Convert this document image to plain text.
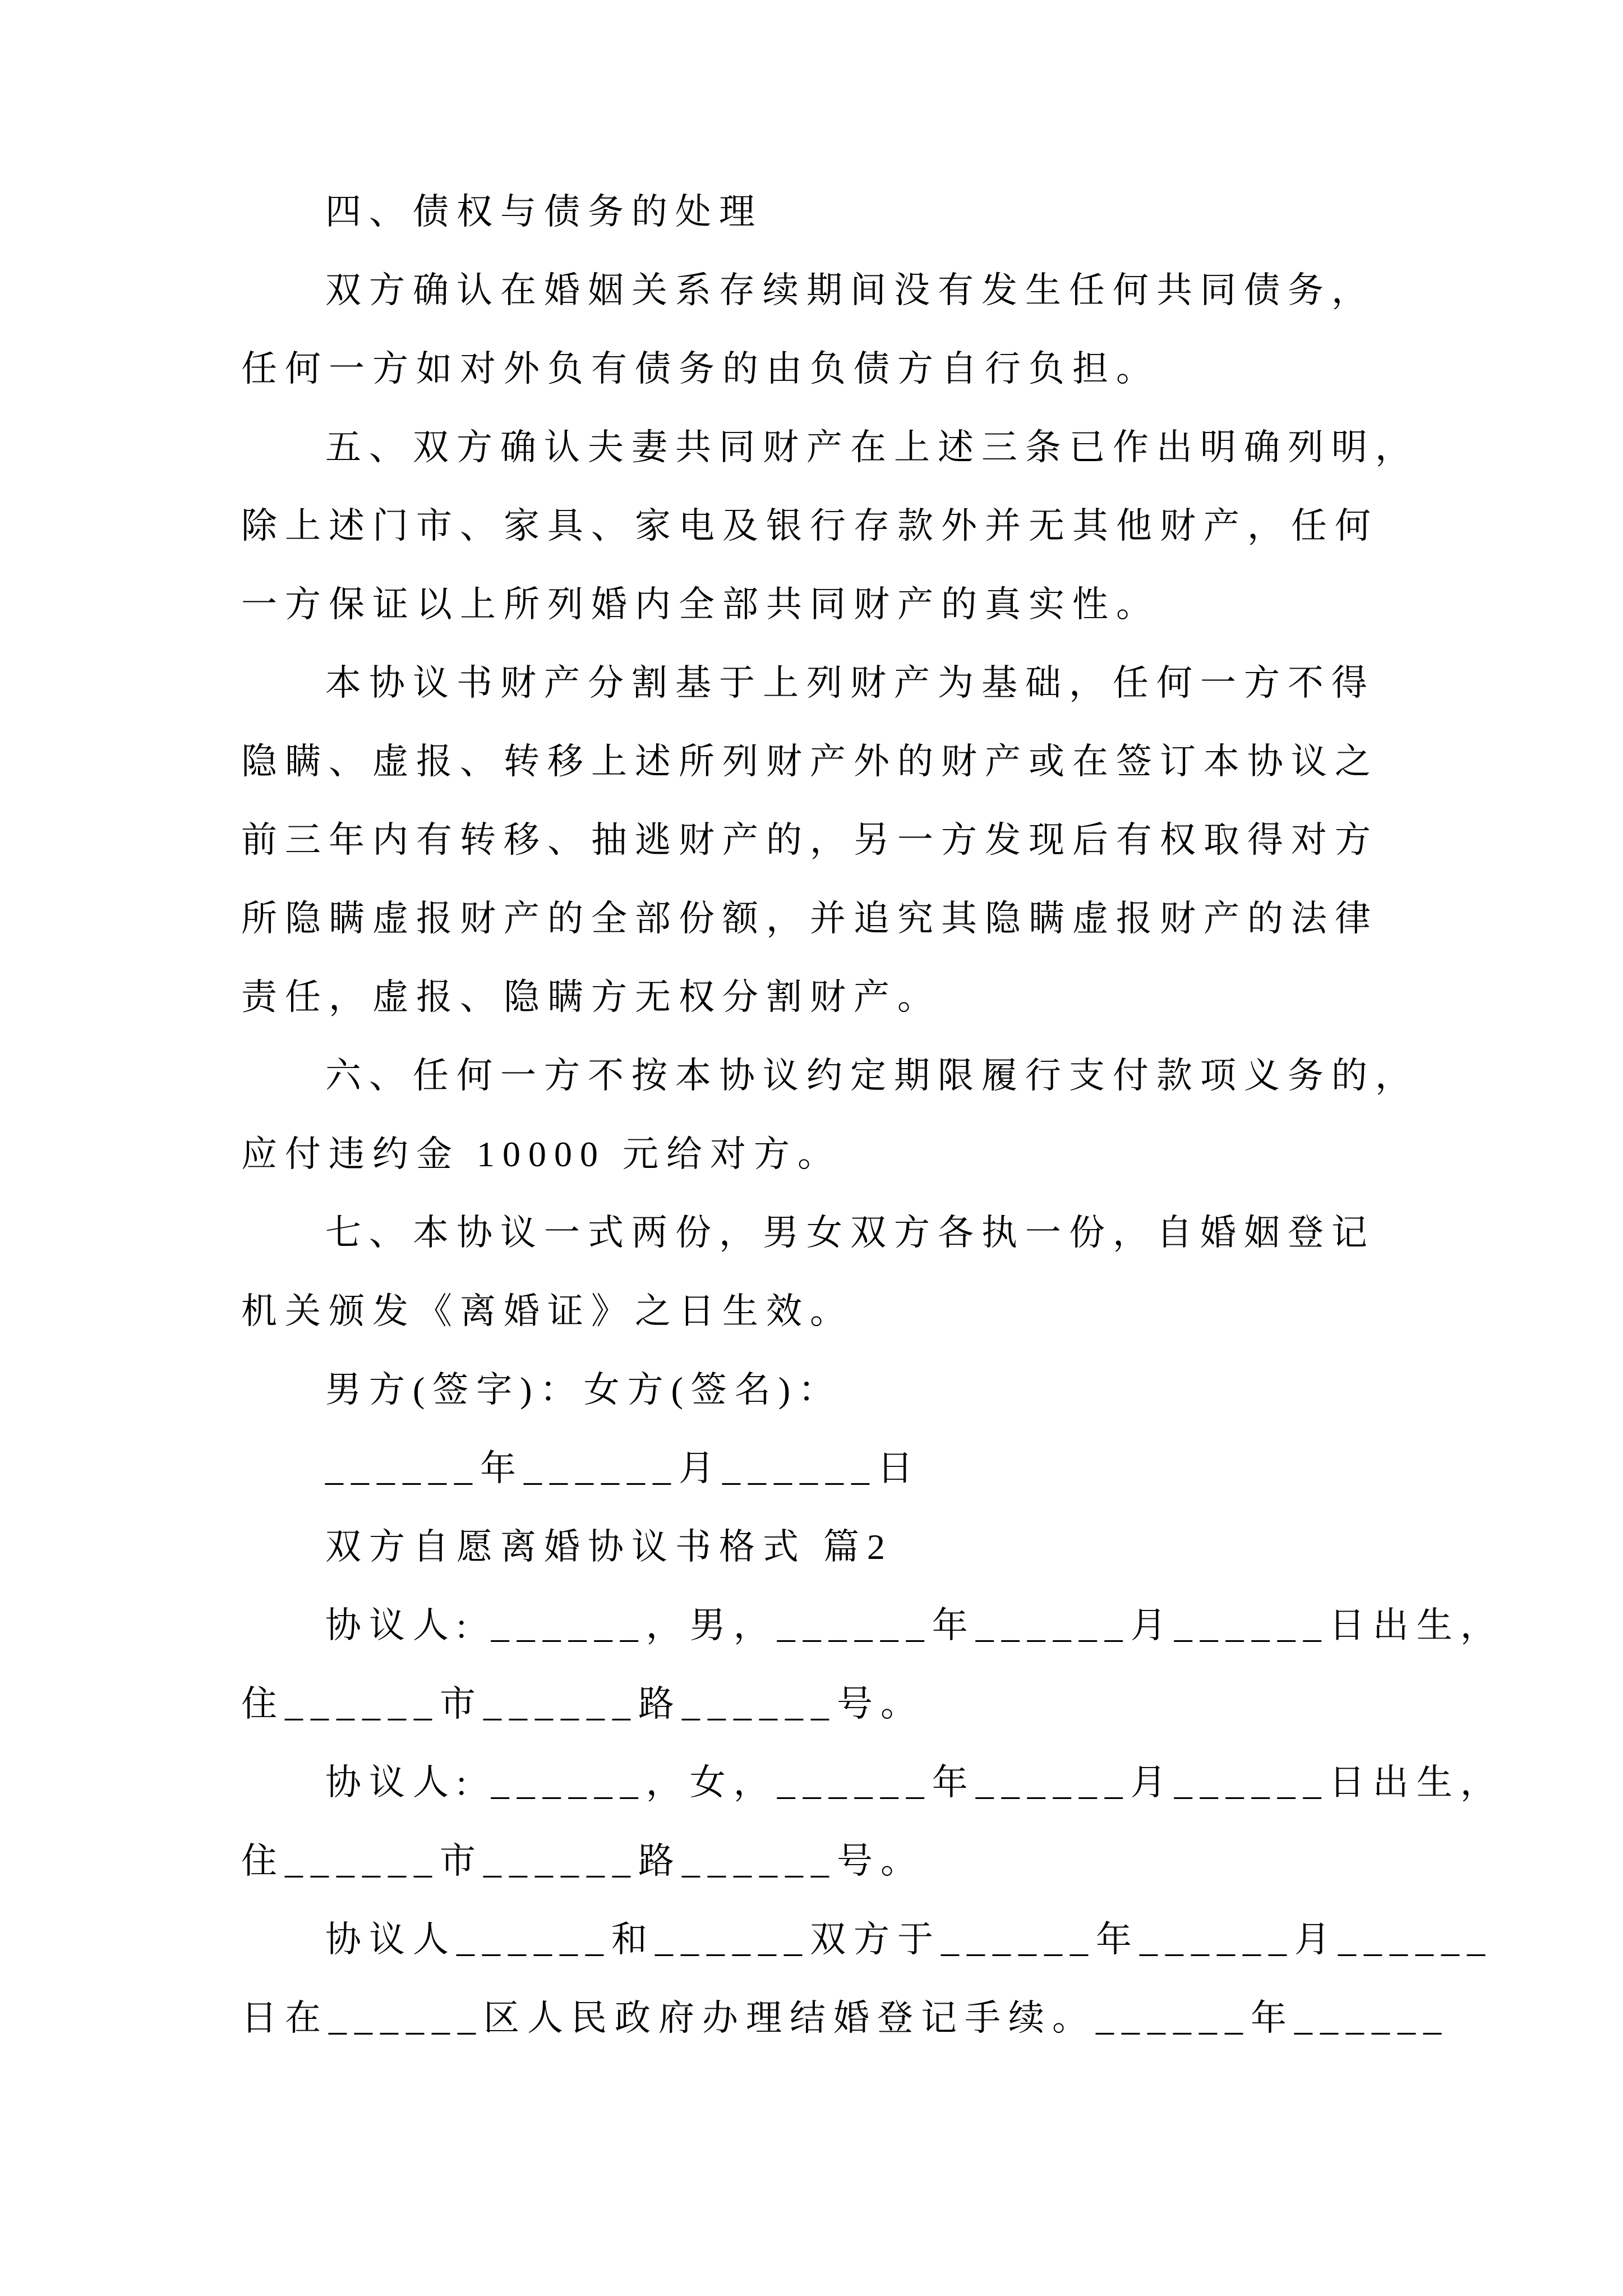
四、债权与债务的处理
双方确认在婚姻关系存续期间没有发生任何共同债务，
任何一方如对外负有债务的由负债方自行负担。
五、双方确认夫妻共同财产在上述三条已作出明确列明，
除上述门市、家具、家电及银行存款外并无其他财产，任何
一方保证以上所列婚内全部共同财产的真实性。
本协议书财产分割基于上列财产为基础，任何一方不得
隐瞒、虚报、转移上述所列财产外的财产或在签订本协议之
前三年内有转移、抽逃财产的，另一方发现后有权取得对方
所隐瞒虚报财产的全部份额，并追究其隐瞒虚报财产的法律
责任，虚报、隐瞒方无权分割财产。
六、任何一方不按本协议约定期限履行支付款项义务的，
应付违约金 10000 元给对方。
七、本协议一式两份，男女双方各执一份，自婚姻登记
机关颁发《离婚证》之日生效。
男方(签字)：女方(签名)：
______年______月______日
双方自愿离婚协议书格式 篇2
协议人: ______，男，______年______月______日出生，
住______市______路______号。
协议人: ______，女，______年______月______日出生，
住______市______路______号。
协议人______和______双方于______年______月______
日在______区人民政府办理结婚登记手续。______年______
